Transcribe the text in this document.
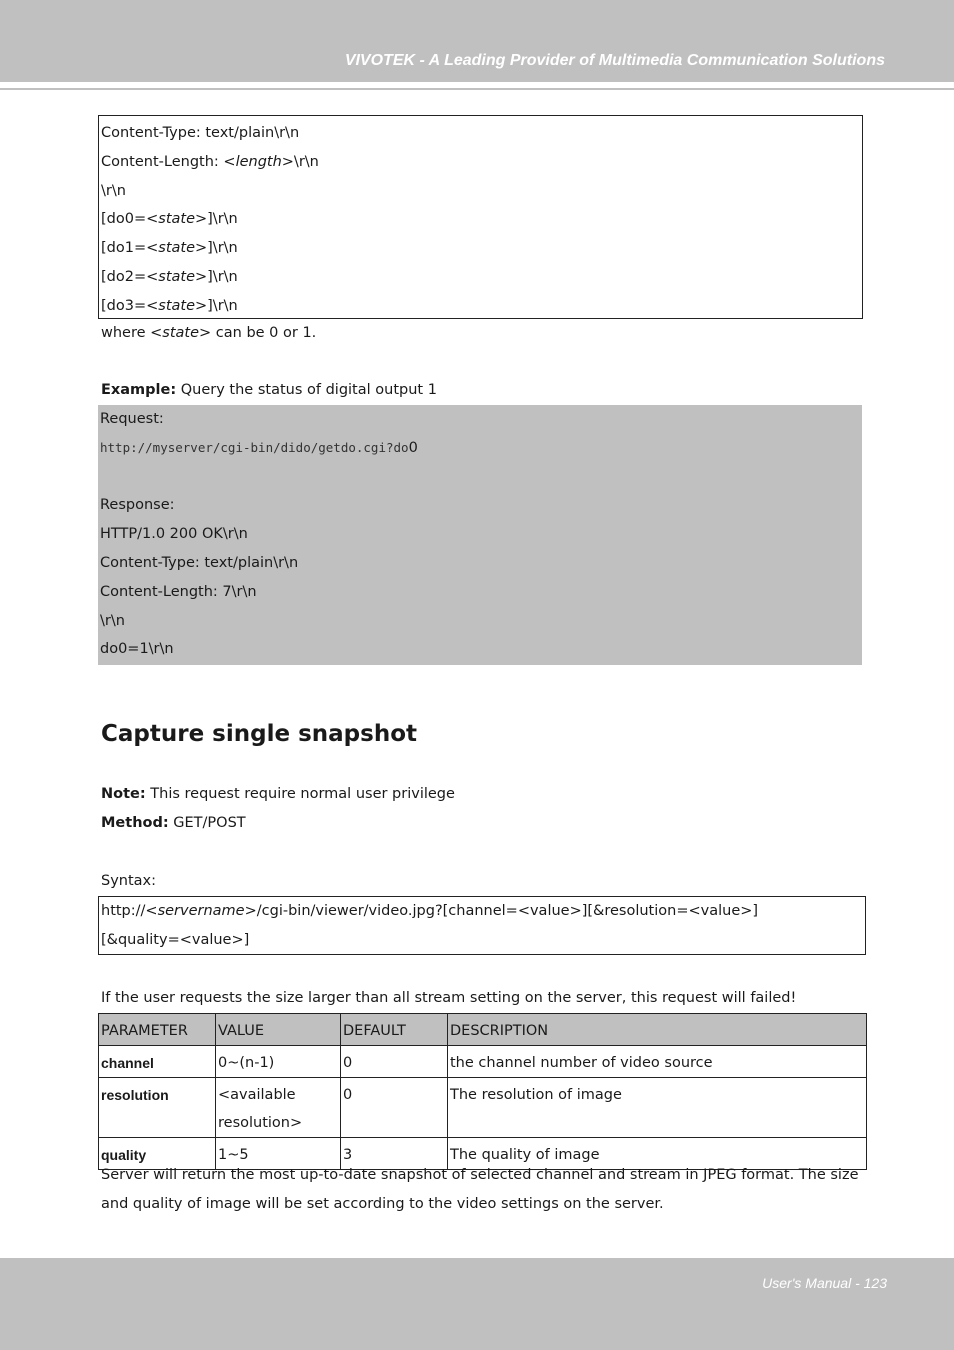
VIVOTEK - A Leading Provider of Multimedia Communication Solutions
Content-Type: text/plain\r\n
Content-Length: <length>\r\n
\r\n
[do0=<state>]\r\n
[do1=<state>]\r\n
[do2=<state>]\r\n
[do3=<state>]\r\n
where <state> can be 0 or 1.
Example: Query the status of digital output 1
Request:
http://myserver/cgi-bin/dido/getdo.cgi?do0
Response:
HTTP/1.0 200 OK\r\n
Content-Type: text/plain\r\n
Content-Length: 7\r\n
\r\n
do0=1\r\n
Capture single snapshot
Note: This request require normal user privilege
Method: GET/POST
Syntax:
http://<servername>/cgi-bin/viewer/video.jpg?[channel=<value>][&resolution=<value>]
[&quality=<value>]
If the user requests the size larger than all stream setting on the server, this request will failed!
PARAMETER	VALUE	DEFAULT	DESCRIPTION
channel	0~(n-1)	0	the channel number of video source
resolution	<available resolution>	0	The resolution of image
quality	1~5	3	The quality of image
Server will return the most up-to-date snapshot of selected channel and stream in JPEG format. The size and quality of image will be set according to the video settings on the server.
User's Manual - 123
